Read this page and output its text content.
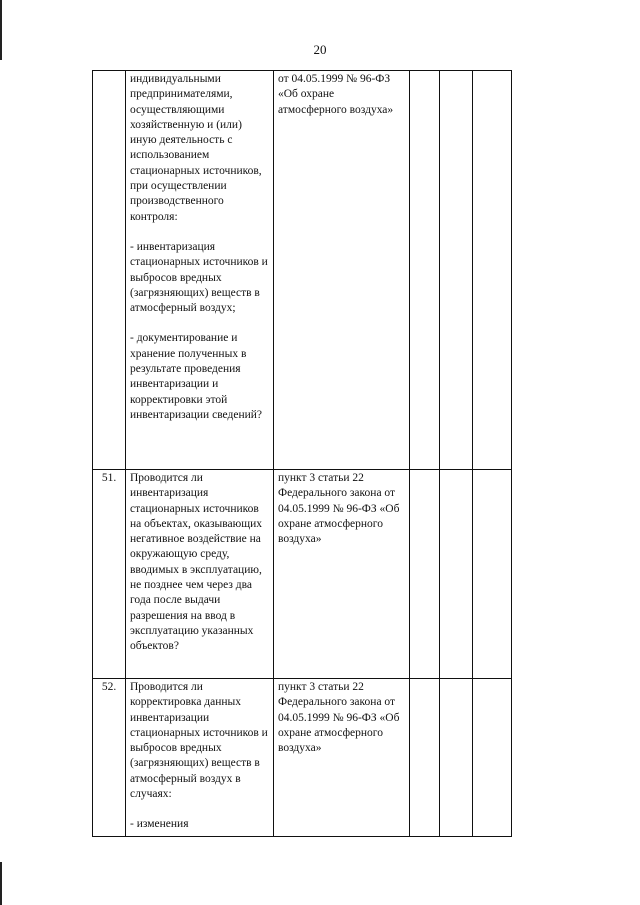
20

	индивидуальными предпринимателями, осуществляющими хозяйственную и (или) иную деятельность с использованием стационарных источников, при осуществлении производственного контроля:
- инвентаризация стационарных источников и выбросов вредных (загрязняющих) веществ в атмосферный воздух;
- документирование и хранение полученных в результате проведения инвентаризации и корректировки этой инвентаризации сведений?	от 04.05.1999 № 96-ФЗ «Об охране атмосферного воздуха»			
51.	Проводится ли инвентаризация стационарных источников на объектах, оказывающих негативное воздействие на окружающую среду, вводимых в эксплуатацию, не позднее чем через два года после выдачи разрешения на ввод в эксплуатацию указанных объектов?	пункт 3 статьи 22 Федерального закона от 04.05.1999 № 96-ФЗ «Об охране атмосферного воздуха»			
52.	Проводится ли корректировка данных инвентаризации стационарных источников и выбросов вредных (загрязняющих) веществ в атмосферный воздух в случаях:
- изменения	пункт 3 статьи 22 Федерального закона от 04.05.1999 № 96-ФЗ «Об охране атмосферного воздуха»			
